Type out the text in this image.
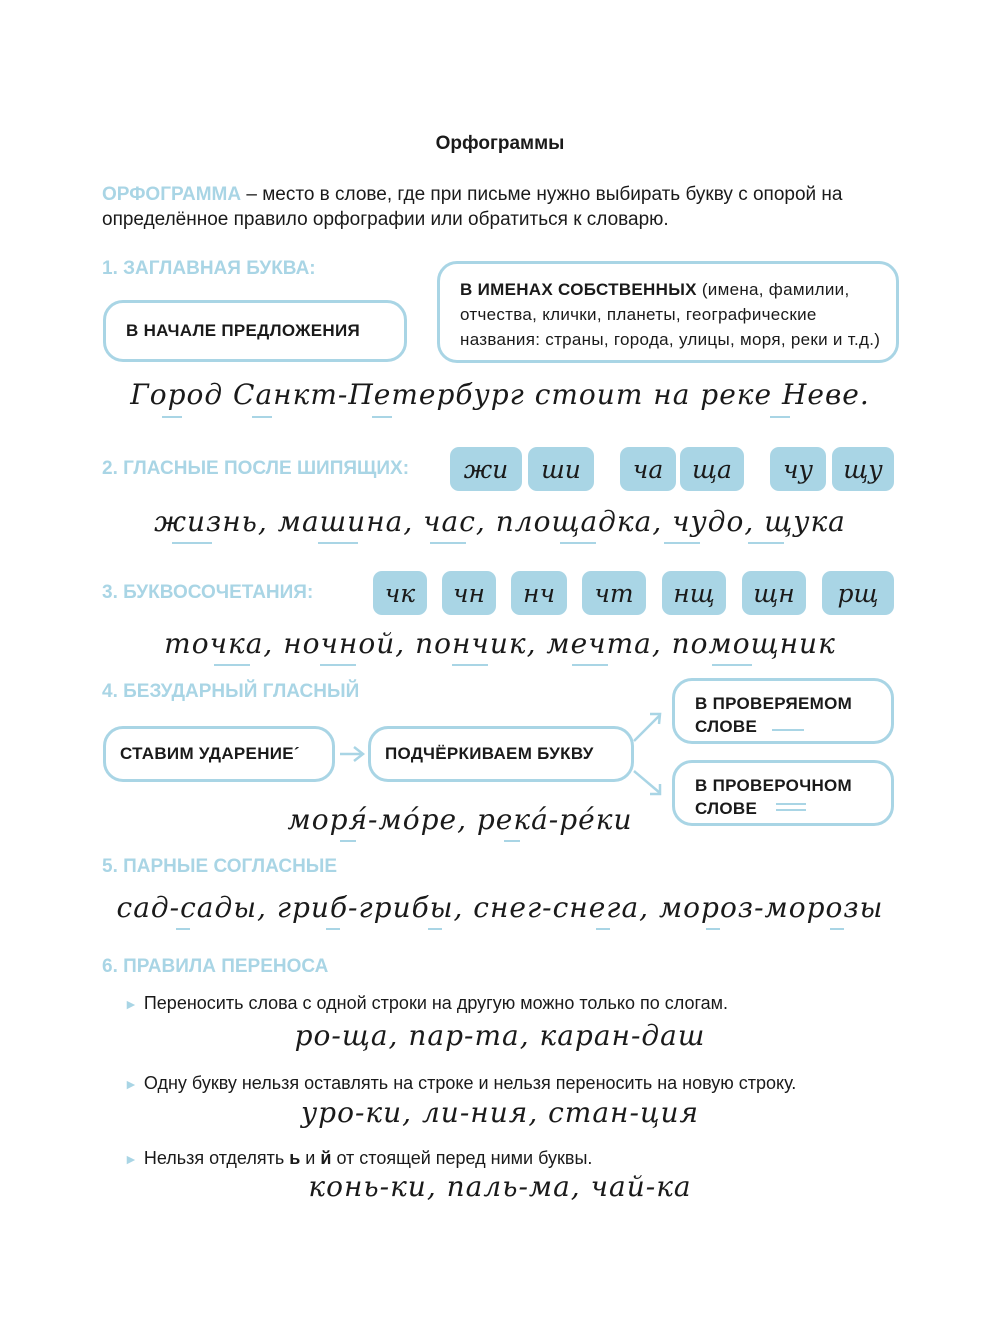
Орфограммы
ОРФОГРАММА – место в слове, где при письме нужно выбирать букву с опорой на определённое правило орфографии или обратиться к словарю.
1. ЗАГЛАВНАЯ БУКВА:
В НАЧАЛЕ ПРЕДЛОЖЕНИЯ
В ИМЕНАХ СОБСТВЕННЫХ (имена, фамилии, отчества, клички, планеты, географические названия: страны, города, улицы, моря, реки и т.д.)
Город Санкт-Петербург стоит на реке Неве.
2. ГЛАСНЫЕ ПОСЛЕ ШИПЯЩИХ:	жи	ши	ча	ща	чу	щу
жизнь, машина, час, площадка, чудо, щука
3. БУКВОСОЧЕТАНИЯ:	чк	чн	нч	чт	нщ	щн	рщ
точка, ночной, пончик, мечта, помощник
4. БЕЗУДАРНЫЙ ГЛАСНЫЙ
СТАВИМ УДАРЕНИЕ´	ПОДЧЁРКИВАЕМ БУКВУ
В ПРОВЕРЯЕМОМ СЛОВЕ
В ПРОВЕРОЧНОМ СЛОВЕ
моря́-мо́ре, река́-ре́ки
5. ПАРНЫЕ СОГЛАСНЫЕ
сад-сады, гриб-грибы, снег-снега, мороз-морозы
6. ПРАВИЛА ПЕРЕНОСА
► Переносить слова с одной строки на другую можно только по слогам.
ро-ща, пар-та, каран-даш
► Одну букву нельзя оставлять на строке и нельзя переносить на новую строку.
уро-ки, ли-ния, стан-ция
► Нельзя отделять ь и й от стоящей перед ними буквы.
конь-ки, паль-ма, чай-ка
